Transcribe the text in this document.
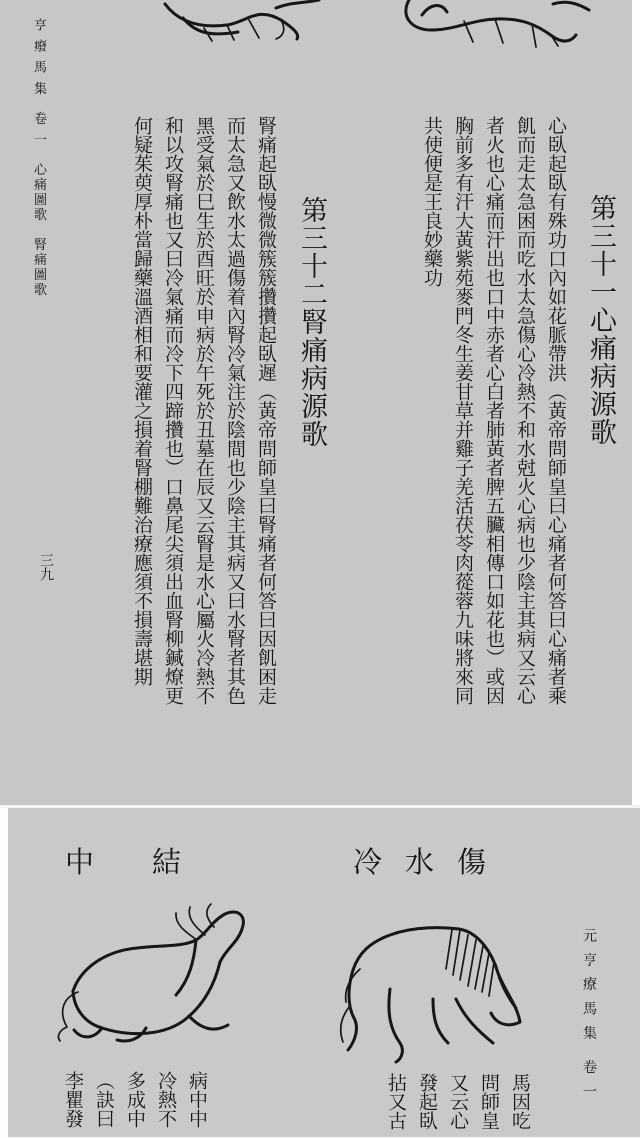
亨 癈 馬 集　卷 一　心痛圖歌　腎痛圖歌
三九
第三十一心痛病源歌
心臥起臥有殊功口內如花脈帶洪（黃帝問師皇曰心痛者何答曰心痛者乘
飢而走太急困而吃水太急傷心冷熱不和水尅火心病也少陰主其病又云心
者火也心痛而汗出也口中赤者心白者肺黃者脾五臟相傳口如花也）或因
胸前多有汗大黃紫苑麥門冬生姜甘草并雞子羌活茯苓肉蓯蓉九味將來同
共使便是王良妙藥功
第三十二腎痛病源歌
腎痛起臥慢微微簇簇攢攢起臥遲（黃帝問師皇曰腎痛者何答曰因飢困走
而太急又飲水太過傷着內腎冷氣注於陰間也少陰主其病又曰水腎者其色
黑受氣於巳生於酉旺於申病於午死於丑墓在辰又云腎是水心屬火冷熱不
和以攻腎痛也又曰冷氣痛而冷下四蹄攢也）口鼻尾尖須出血腎柳鍼燎更
何疑茱萸厚朴當歸藥溫酒相和要灌之損着腎棚難治療應須不損壽堪期
冷水傷
中結
元 亨 療 馬 集　卷 一
馬因吃
問師皇
又云心
發起臥
拈又古
病中中
冷熱不
多成中
（訣曰
李瞿發
